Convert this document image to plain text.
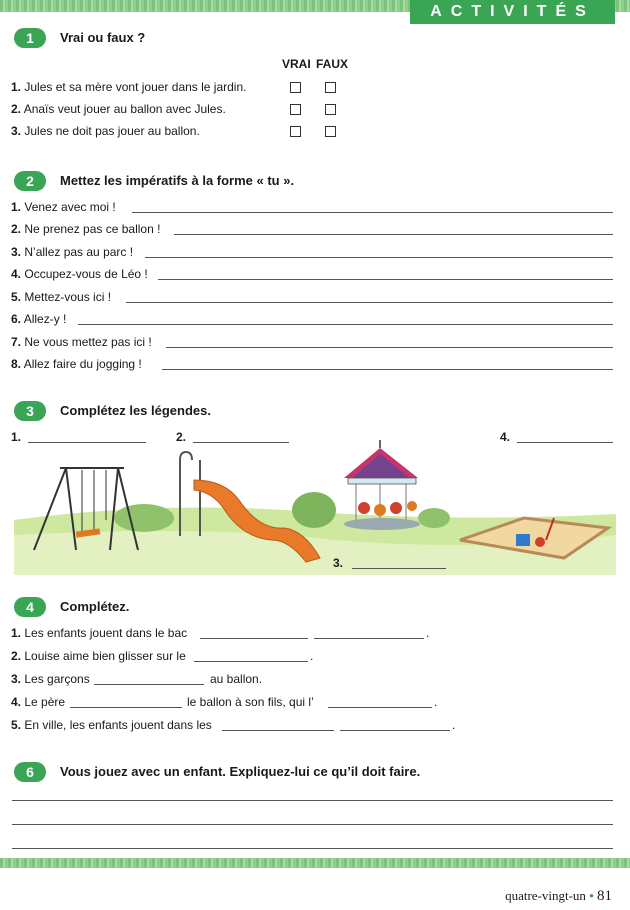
ACTIVITÉS
1	Vrai ou faux ?
VRAI FAUX
1. Jules et sa mère vont jouer dans le jardin.
2. Anaïs veut jouer au ballon avec Jules.
3. Jules ne doit pas jouer au ballon.
2	Mettez les impératifs à la forme « tu ».
1. Venez avec moi !
2. Ne prenez pas ce ballon !
3. N’allez pas au parc !
4. Occupez-vous de Léo !
5. Mettez-vous ici !
6. Allez-y !
7. Ne vous mettez pas ici !
8. Allez faire du jogging !
3	Complétez les légendes.
1.	2.	4.
3.
4	Complétez.
1. Les enfants jouent dans le bac	.
2. Louise aime bien glisser sur le	.
3. Les garçons	au ballon.
4. Le père	le ballon à son fils, qui l’	.
5. En ville, les enfants jouent dans les	.
6	Vous jouez avec un enfant. Expliquez-lui ce qu’il doit faire.
quatre-vingt-un • 81
